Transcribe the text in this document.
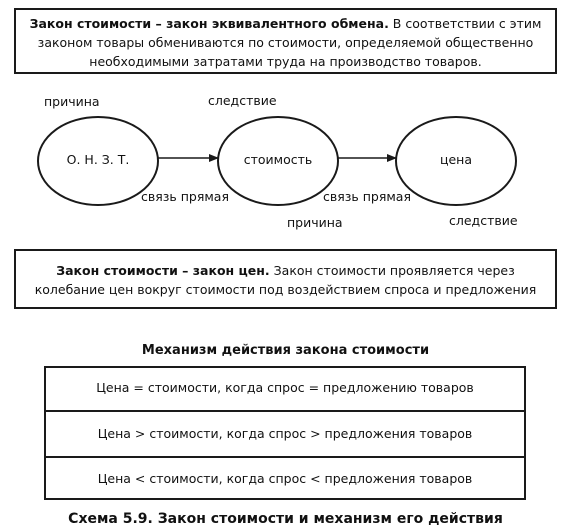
Закон стоимости – закон эквивалентного обмена. В соответствии с этим
законом товары обмениваются по стоимости, определяемой общественно
необходимыми затратами труда на производство товаров.
О. Н. З. Т.	стоимость	цена
причина	следствие
связь прямая	связь прямая
причина	следствие
Закон стоимости – закон цен. Закон стоимости проявляется через
колебание цен вокруг стоимости под воздействием спроса и предложения
Механизм действия закона стоимости
Цена = стоимости, когда спрос = предложению товаров
Цена > стоимости, когда спрос > предложения товаров
Цена < стоимости, когда спрос < предложения товаров
Схема 5.9. Закон стоимости и механизм его действия
